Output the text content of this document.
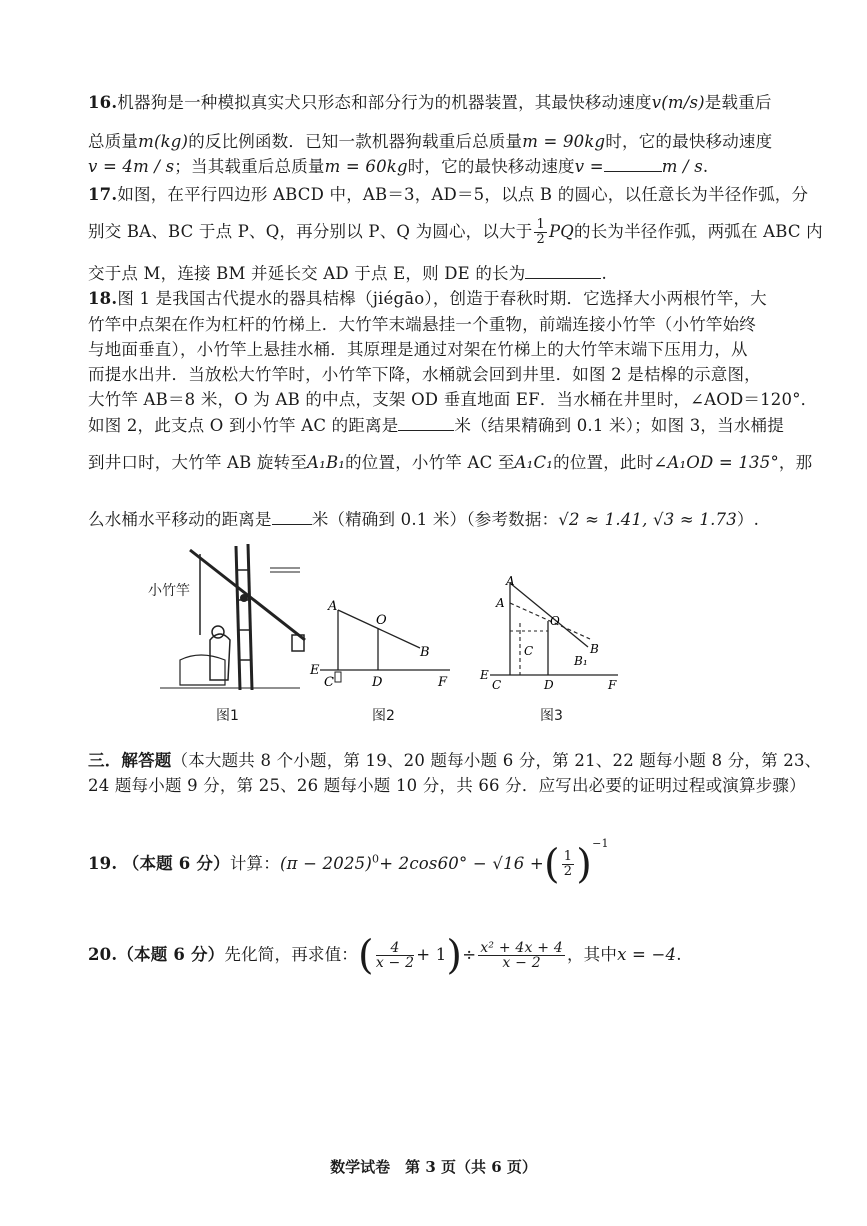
16.机器狗是一种模拟真实犬只形态和部分行为的机器装置，其最快移动速度v(m/s)是载重后
总质量m(kg)的反比例函数．已知一款机器狗载重后总质量m = 90kg时，它的最快移动速度
v = 4m / s；当其载重后总质量m = 60kg时，它的最快移动速度v =	m / s.
17.如图，在平行四边形 ABCD 中，AB＝3，AD＝5，以点 B 的圆心，以任意长为半径作弧，分
别交 BA、BC 于点 P、Q，再分别以 P、Q 为圆心，以大于 $\frac{1}{2}$ PQ的长为半径作弧，两弧在 ABC 内
交于点 M，连接 BM 并延长交 AD 于点 E，则 DE 的长为	.
18.图 1 是我国古代提水的器具桔槔（jiégāo），创造于春秋时期．它选择大小两根竹竿，大
竹竿中点架在作为杠杆的竹梯上．大竹竿末端悬挂一个重物，前端连接小竹竿（小竹竿始终
与地面垂直），小竹竿上悬挂水桶．其原理是通过对架在竹梯上的大竹竿末端下压用力，从
而提水出井．当放松大竹竿时，小竹竿下降，水桶就会回到井里．如图 2 是桔槔的示意图，
大竹竿 AB＝8 米，O 为 AB 的中点，支架 OD 垂直地面 EF．当水桶在井里时，∠AOD＝120°．
如图 2，此支点 O 到小竹竿 AC 的距离是	米（结果精确到 0.1 米）；如图 3，当水桶提
到井口时，大竹竿 AB 旋转至A₁B₁的位置，小竹竿 AC 至A₁C₁的位置，此时∠A₁OD = 135°，那
么水桶水平移动的距离是 米（精确到 0.1 米）（参考数据：√2 ≈ 1.41, √3 ≈ 1.73）.
小竹竿
图1
A
O
B
E
C	D	F
图2
A
A
O
B
B₁
C
E
C	D	F
图3
三．解答题（本大题共 8 个小题，第 19、20 题每小题 6 分，第 21、22 题每小题 8 分，第 23、
24 题每小题 9 分，第 25、26 题每小题 10 分，共 66 分．应写出必要的证明过程或演算步骤）
19. （本题 6 分）计算：$(\pi - 2025)^0+ 2\cos 60^\circ - √16$ +( $\frac{1}{2} )^{-1}$
20.（本题 6 分）先化简，再求值：( $\frac{4}{x - 2} + 1)\div \frac{\text{x² + 4x + 4}}{x - 2}$ ，其中x = −4.
数学试卷　第 3 页（共 6 页）
